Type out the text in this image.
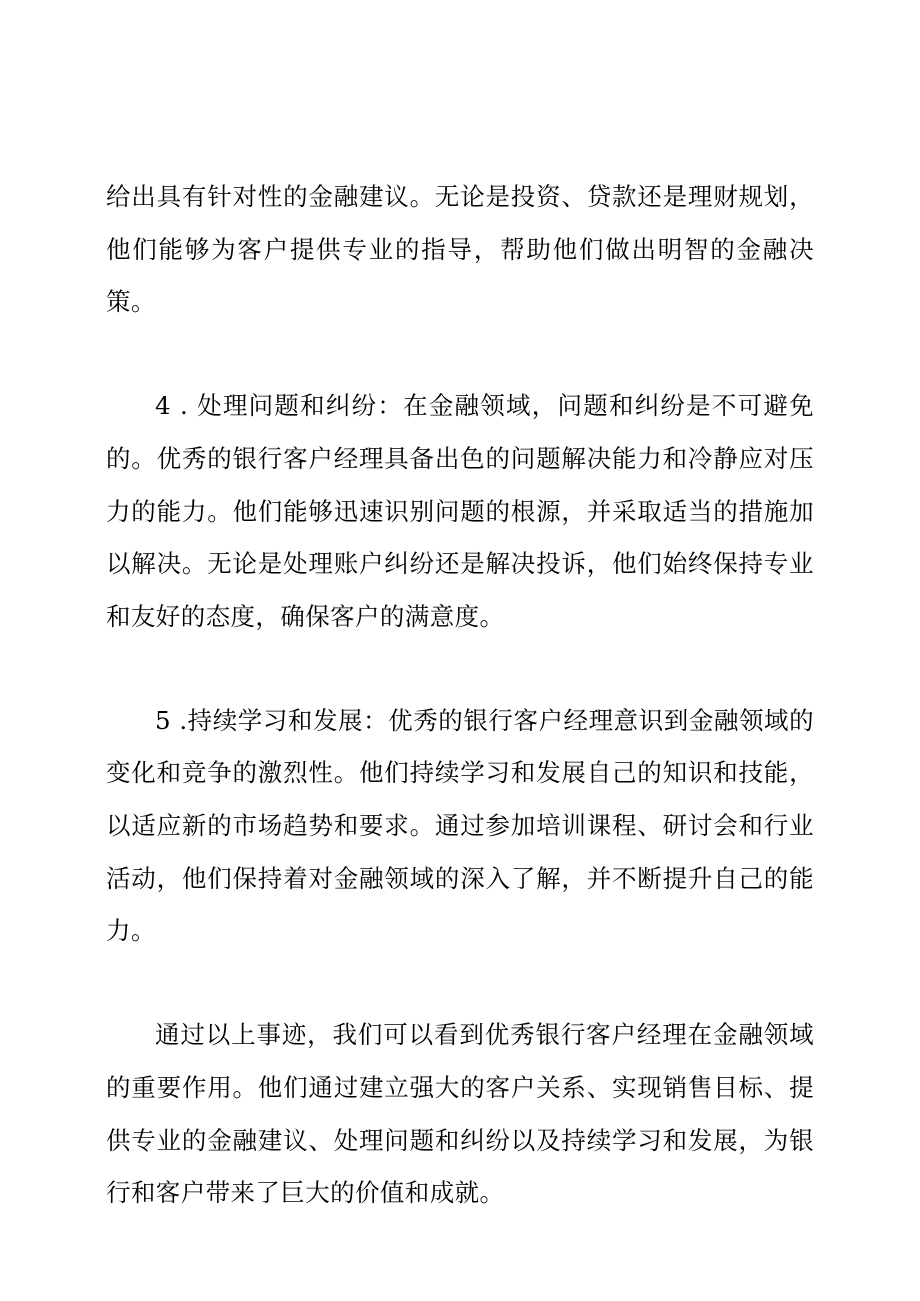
给出具有针对性的金融建议。无论是投资、贷款还是理财规划，他们能够为客户提供专业的指导，帮助他们做出明智的金融决策。

4 . 处理问题和纠纷：在金融领域，问题和纠纷是不可避免的。优秀的银行客户经理具备出色的问题解决能力和冷静应对压力的能力。他们能够迅速识别问题的根源，并采取适当的措施加以解决。无论是处理账户纠纷还是解决投诉，他们始终保持专业和友好的态度，确保客户的满意度。

5 .持续学习和发展：优秀的银行客户经理意识到金融领域的变化和竞争的激烈性。他们持续学习和发展自己的知识和技能，以适应新的市场趋势和要求。通过参加培训课程、研讨会和行业活动，他们保持着对金融领域的深入了解，并不断提升自己的能力。

通过以上事迹，我们可以看到优秀银行客户经理在金融领域的重要作用。他们通过建立强大的客户关系、实现销售目标、提供专业的金融建议、处理问题和纠纷以及持续学习和发展，为银行和客户带来了巨大的价值和成就。
